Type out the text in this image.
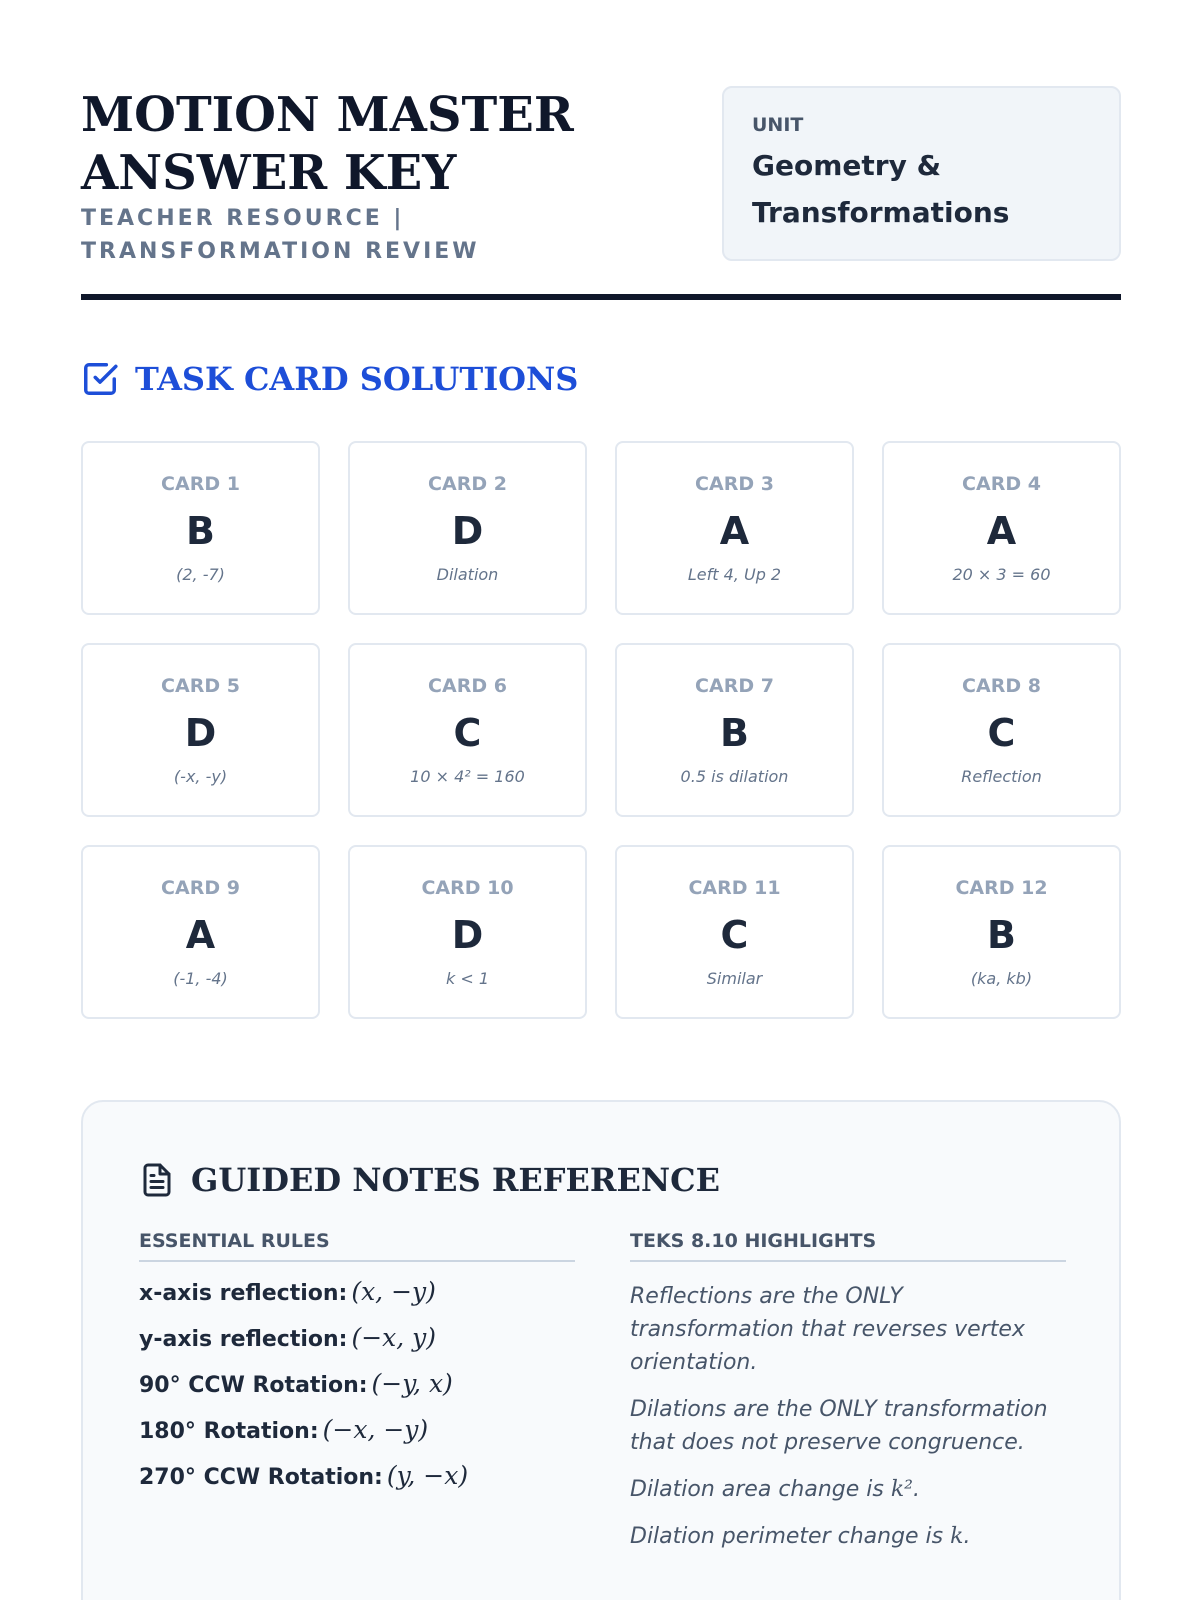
MOTION MASTER ANSWER KEY
TEACHER RESOURCE | TRANSFORMATION REVIEW
UNIT
Geometry & Transformations
TASK CARD SOLUTIONS
CARD 1
B
(2, -7)
CARD 2
D
Dilation
CARD 3
A
Left 4, Up 2
CARD 4
A
20 × 3 = 60
CARD 5
D
(-x, -y)
CARD 6
C
10 × 4² = 160
CARD 7
B
0.5 is dilation
CARD 8
C
Reflection
CARD 9
A
(-1, -4)
CARD 10
D
k < 1
CARD 11
C
Similar
CARD 12
B
(ka, kb)
GUIDED NOTES REFERENCE
ESSENTIAL RULES
x-axis reflection: (x, −y)
y-axis reflection: (−x, y)
90° CCW Rotation: (−y, x)
180° Rotation: (−x, −y)
270° CCW Rotation: (y, −x)
TEKS 8.10 HIGHLIGHTS
Reflections are the ONLY transformation that reverses vertex orientation.
Dilations are the ONLY transformation that does not preserve congruence.
Dilation area change is k².
Dilation perimeter change is k.
